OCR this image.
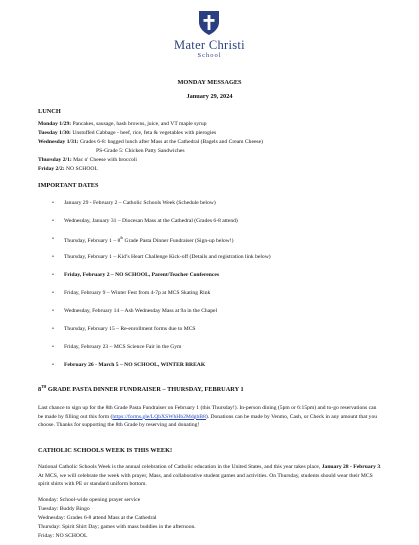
Mater Christi
School
MONDAY MESSAGES
January 29, 2024
LUNCH
Monday 1/29: Pancakes, sausage, hash browns, juice, and VT maple syrup
Tuesday 1/30: Unstuffed Cabbage - beef, rice, feta & vegetables with pierogies
Wednesday 1/31: Grades 6-8: bagged lunch after Mass at the Cathedral (Bagels and Cream Cheese)
PS-Grade 5: Chicken Patty Sandwiches
Thursday 2/1: Mac n' Cheese with broccoli
Friday 2/2: NO SCHOOL
IMPORTANT DATES
• January 29 - February 2 – Catholic Schools Week (Schedule below)
• Wednesday, January 31 – Diocesan Mass at the Cathedral (Grades 6-8 attend)
• Thursday, February 1 – 8th Grade Pasta Dinner Fundraiser (Sign-up below!)
• Thursday, February 1 – Kid’s Heart Challenge Kick-off (Details and registration link below)
• Friday, February 2 – NO SCHOOL, Parent/Teacher Conferences
• Friday, February 9 – Winter Fest from 4-7p at MCS Skating Rink
• Wednesday, February 14 – Ash Wednesday Mass at 9a in the Chapel
• Thursday, February 15 – Re-enrollment forms due to MCS
• Friday, February 23 – MCS Science Fair in the Gym
• February 26 - March 5 – NO SCHOOL, WINTER BREAK
8TH GRADE PASTA DINNER FUNDRAISER – THURSDAY, FEBRUARY 1
Last chance to sign up for the 8th Grade Pasta Fundraiser on February 1 (this Thursday!). In-person dining (5pm or 6:15pm) and to-go reservations can be made by filling out this form (https://forms.gle/LQbXSWhHb2MdgbB8). Donations can be made by Venmo, Cash, or Check in any amount that you choose. Thanks for supporting the 8th Grade by reserving and donating!
CATHOLIC SCHOOLS WEEK IS THIS WEEK!
National Catholic Schools Week is the annual celebration of Catholic education in the United States, and this year takes place, January 28 - February 3. At MCS, we will celebrate the week with prayer, Mass, and collaborative student games and activities. On Thursday, students should wear their MCS spirit shirts with PE or standard uniform bottom.
Monday: School-wide opening prayer service
Tuesday: Buddy Bingo
Wednesday: Grades 6-8 attend Mass at the Cathedral
Thursday: Spirit Shirt Day; games with mass buddies in the afternoon.
Friday: NO SCHOOL
